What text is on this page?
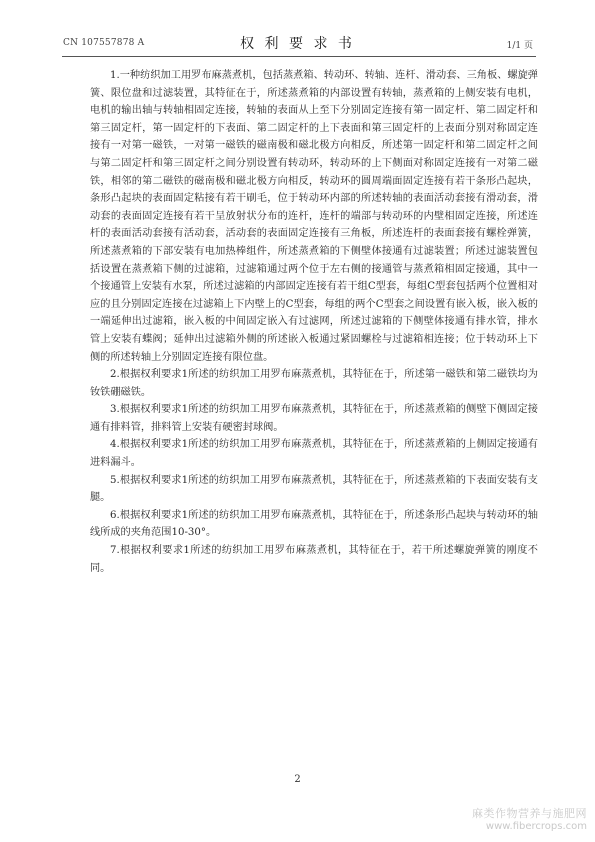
CN 107557878 A	权 利 要 求 书	1/1 页

1.一种纺织加工用罗布麻蒸煮机，包括蒸煮箱、转动环、转轴、连杆、滑动套、三角板、螺旋弹簧、限位盘和过滤装置，其特征在于，所述蒸煮箱的内部设置有转轴，蒸煮箱的上侧安装有电机，电机的输出轴与转轴相固定连接，转轴的表面从上至下分别固定连接有第一固定杆、第二固定杆和第三固定杆，第一固定杆的下表面、第二固定杆的上下表面和第三固定杆的上表面分别对称固定连接有一对第一磁铁，一对第一磁铁的磁南极和磁北极方向相反，所述第一固定杆和第二固定杆之间与第二固定杆和第三固定杆之间分别设置有转动环，转动环的上下侧面对称固定连接有一对第二磁铁，相邻的第二磁铁的磁南极和磁北极方向相反，转动环的圆周端面固定连接有若干条形凸起块，条形凸起块的表面固定粘接有若干刷毛，位于转动环内部的所述转轴的表面活动套接有滑动套，滑动套的表面固定连接有若干呈放射状分布的连杆，连杆的端部与转动环的内壁相固定连接，所述连杆的表面活动套接有活动套，活动套的表面固定连接有三角板，所述连杆的表面套接有螺栓弹簧，所述蒸煮箱的下部安装有电加热棒组件，所述蒸煮箱的下侧壁体接通有过滤装置；所述过滤装置包括设置在蒸煮箱下侧的过滤箱，过滤箱通过两个位于左右侧的接通管与蒸煮箱相固定接通，其中一个接通管上安装有水泵，所述过滤箱的内部固定连接有若干组C型套，每组C型套包括两个位置相对应的且分别固定连接在过滤箱上下内壁上的C型套，每组的两个C型套之间设置有嵌入板，嵌入板的一端延伸出过滤箱，嵌入板的中间固定嵌入有过滤网，所述过滤箱的下侧壁体接通有排水管，排水管上安装有蝶阀；延伸出过滤箱外侧的所述嵌入板通过紧固螺栓与过滤箱相连接；位于转动环上下侧的所述转轴上分别固定连接有限位盘。

2.根据权利要求1所述的纺织加工用罗布麻蒸煮机，其特征在于，所述第一磁铁和第二磁铁均为钕铁硼磁铁。

3.根据权利要求1所述的纺织加工用罗布麻蒸煮机，其特征在于，所述蒸煮箱的侧壁下侧固定接通有排料管，排料管上安装有硬密封球阀。

4.根据权利要求1所述的纺织加工用罗布麻蒸煮机，其特征在于，所述蒸煮箱的上侧固定接通有进料漏斗。

5.根据权利要求1所述的纺织加工用罗布麻蒸煮机，其特征在于，所述蒸煮箱的下表面安装有支腿。

6.根据权利要求1所述的纺织加工用罗布麻蒸煮机，其特征在于，所述条形凸起块与转动环的轴线所成的夹角范围10-30°。

7.根据权利要求1所述的纺织加工用罗布麻蒸煮机，其特征在于，若干所述螺旋弹簧的刚度不同。

2
麻类作物营养与施肥网
www.fibercrops.com
